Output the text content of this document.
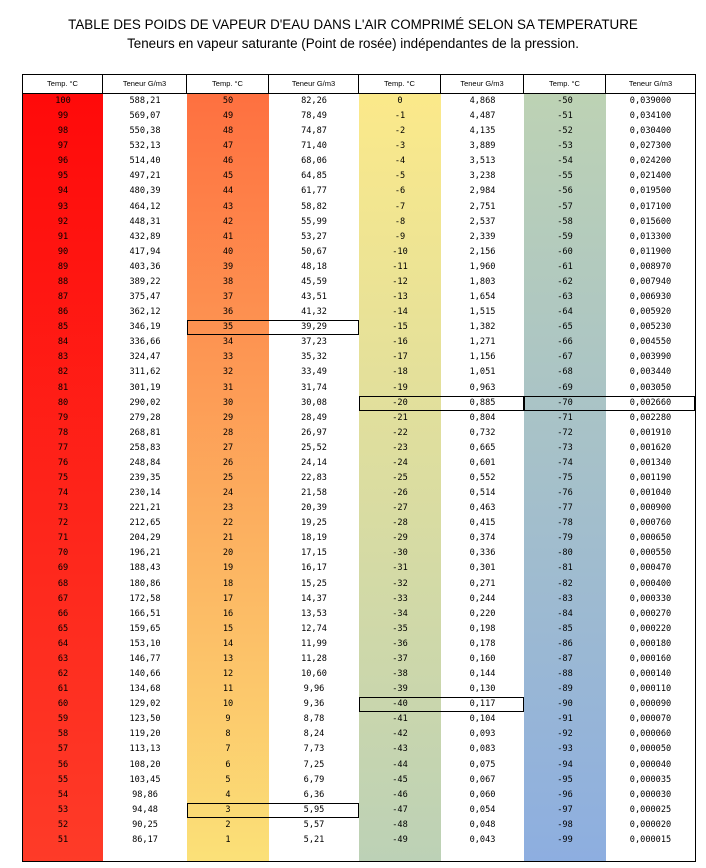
TABLE DES POIDS DE VAPEUR D'EAU DANS L'AIR COMPRIMÉ SELON SA TEMPERATURE
Teneurs en vapeur saturante (Point de rosée) indépendantes de la pression.
Temp. °C	Teneur G/m3	Temp. °C	Teneur G/m3	Temp. °C	Teneur G/m3	Temp. °C	Teneur G/m3
100	588,21	50	82,26	0	4,868	-50	0,039000
99	569,07	49	78,49	-1	4,487	-51	0,034100
98	550,38	48	74,87	-2	4,135	-52	0,030400
97	532,13	47	71,40	-3	3,889	-53	0,027300
96	514,40	46	68,06	-4	3,513	-54	0,024200
95	497,21	45	64,85	-5	3,238	-55	0,021400
94	480,39	44	61,77	-6	2,984	-56	0,019500
93	464,12	43	58,82	-7	2,751	-57	0,017100
92	448,31	42	55,99	-8	2,537	-58	0,015600
91	432,89	41	53,27	-9	2,339	-59	0,013300
90	417,94	40	50,67	-10	2,156	-60	0,011900
89	403,36	39	48,18	-11	1,960	-61	0,008970
88	389,22	38	45,59	-12	1,803	-62	0,007940
87	375,47	37	43,51	-13	1,654	-63	0,006930
86	362,12	36	41,32	-14	1,515	-64	0,005920
85	346,19	35	39,29	-15	1,382	-65	0,005230
84	336,66	34	37,23	-16	1,271	-66	0,004550
83	324,47	33	35,32	-17	1,156	-67	0,003990
82	311,62	32	33,49	-18	1,051	-68	0,003440
81	301,19	31	31,74	-19	0,963	-69	0,003050
80	290,02	30	30,08	-20	0,885	-70	0,002660
79	279,28	29	28,49	-21	0,804	-71	0,002280
78	268,81	28	26,97	-22	0,732	-72	0,001910
77	258,83	27	25,52	-23	0,665	-73	0,001620
76	248,84	26	24,14	-24	0,601	-74	0,001340
75	239,35	25	22,83	-25	0,552	-75	0,001190
74	230,14	24	21,58	-26	0,514	-76	0,001040
73	221,21	23	20,39	-27	0,463	-77	0,000900
72	212,65	22	19,25	-28	0,415	-78	0,000760
71	204,29	21	18,19	-29	0,374	-79	0,000650
70	196,21	20	17,15	-30	0,336	-80	0,000550
69	188,43	19	16,17	-31	0,301	-81	0,000470
68	180,86	18	15,25	-32	0,271	-82	0,000400
67	172,58	17	14,37	-33	0,244	-83	0,000330
66	166,51	16	13,53	-34	0,220	-84	0,000270
65	159,65	15	12,74	-35	0,198	-85	0,000220
64	153,10	14	11,99	-36	0,178	-86	0,000180
63	146,77	13	11,28	-37	0,160	-87	0,000160
62	140,66	12	10,60	-38	0,144	-88	0,000140
61	134,68	11	9,96	-39	0,130	-89	0,000110
60	129,02	10	9,36	-40	0,117	-90	0,000090
59	123,50	9	8,78	-41	0,104	-91	0,000070
58	119,20	8	8,24	-42	0,093	-92	0,000060
57	113,13	7	7,73	-43	0,083	-93	0,000050
56	108,20	6	7,25	-44	0,075	-94	0,000040
55	103,45	5	6,79	-45	0,067	-95	0,000035
54	98,86	4	6,36	-46	0,060	-96	0,000030
53	94,48	3	5,95	-47	0,054	-97	0,000025
52	90,25	2	5,57	-48	0,048	-98	0,000020
51	86,17	1	5,21	-49	0,043	-99	0,000015
